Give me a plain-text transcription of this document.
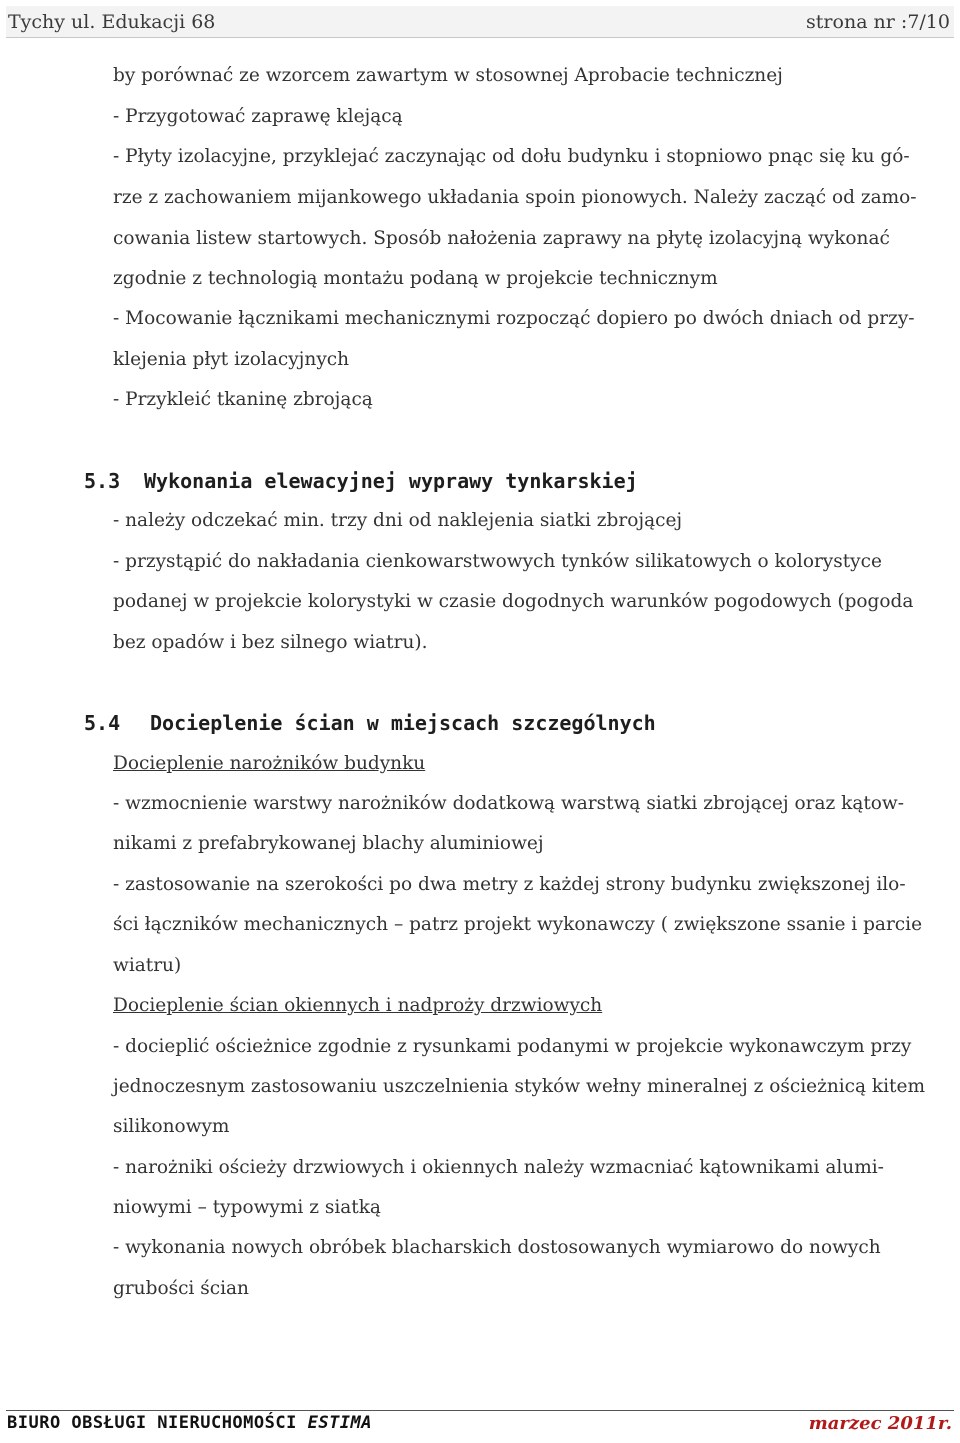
Tychy ul. Edukacji 68	strona nr :7/10
by porównać ze wzorcem zawartym w stosownej Aprobacie technicznej
- Przygotować zaprawę klejącą
- Płyty izolacyjne, przyklejać zaczynając od dołu budynku i stopniowo pnąc się ku gó-
rze z zachowaniem mijankowego układania spoin pionowych. Należy zacząć od zamo-
cowania listew startowych. Sposób nałożenia zaprawy na płytę izolacyjną wykonać
zgodnie z technologią montażu podaną w projekcie technicznym
- Mocowanie łącznikami mechanicznymi rozpocząć dopiero po dwóch dniach od przy-
klejenia płyt izolacyjnych
- Przykleić tkaninę zbrojącą
5.3 Wykonania elewacyjnej wyprawy tynkarskiej
- należy odczekać min. trzy dni od naklejenia siatki zbrojącej
- przystąpić do nakładania cienkowarstwowych tynków silikatowych o kolorystyce
podanej w projekcie kolorystyki w czasie dogodnych warunków pogodowych (pogoda
bez opadów i bez silnego wiatru).
5.4 Docieplenie ścian w miejscach szczególnych
Docieplenie narożników budynku
- wzmocnienie warstwy narożników dodatkową warstwą siatki zbrojącej oraz kątow-
nikami z prefabrykowanej blachy aluminiowej
- zastosowanie na szerokości po dwa metry z każdej strony budynku zwiększonej ilo-
ści łączników mechanicznych – patrz projekt wykonawczy ( zwiększone ssanie i parcie
wiatru)
Docieplenie ścian okiennych i nadproży drzwiowych
- docieplić ościeżnice zgodnie z rysunkami podanymi w projekcie wykonawczym przy
jednoczesnym zastosowaniu uszczelnienia styków wełny mineralnej z ościeżnicą kitem
silikonowym
- narożniki ościeży drzwiowych i okiennych należy wzmacniać kątownikami alumi-
niowymi – typowymi z siatką
- wykonania nowych obróbek blacharskich dostosowanych wymiarowo do nowych
grubości ścian
BIURO OBSŁUGI NIERUCHOMOŚCI ESTIMA	marzec 2011r.
